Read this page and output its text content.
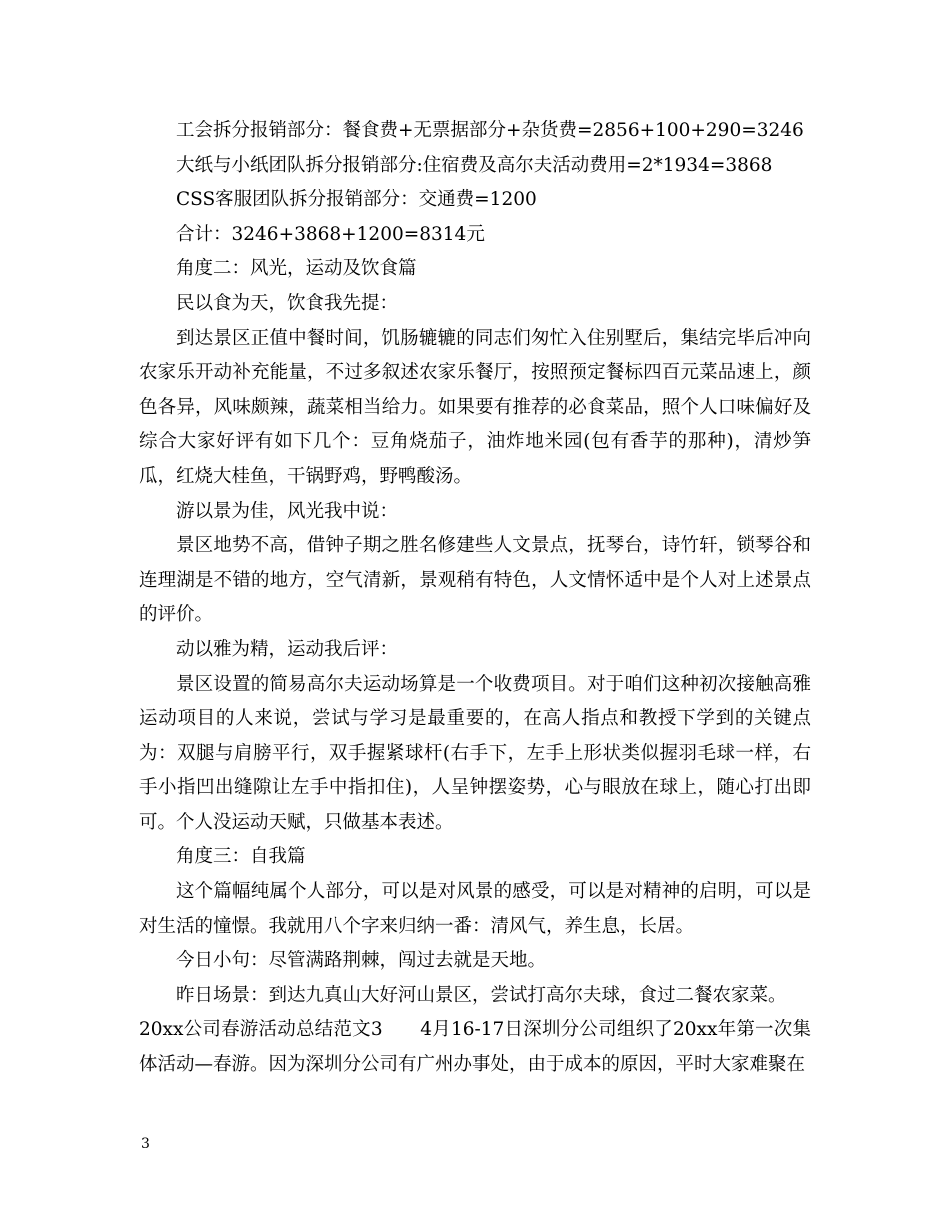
工会拆分报销部分：餐食费+无票据部分+杂货费=2856+100+290=3246

大纸与小纸团队拆分报销部分:住宿费及高尔夫活动费用=2*1934=3868

CSS客服团队拆分报销部分：交通费=1200

合计：3246+3868+1200=8314元

角度二：风光，运动及饮食篇

民以食为天，饮食我先提：

到达景区正值中餐时间，饥肠辘辘的同志们匆忙入住别墅后，集结完毕后冲向农家乐开动补充能量，不过多叙述农家乐餐厅，按照预定餐标四百元菜品速上，颜色各异，风味颇辣，蔬菜相当给力。如果要有推荐的必食菜品，照个人口味偏好及综合大家好评有如下几个：豆角烧茄子，油炸地米园(包有香芋的那种)，清炒笋瓜，红烧大桂鱼，干锅野鸡，野鸭酸汤。

游以景为佳，风光我中说：

景区地势不高，借钟子期之胜名修建些人文景点，抚琴台，诗竹轩，锁琴谷和连理湖是不错的地方，空气清新，景观稍有特色，人文情怀适中是个人对上述景点的评价。

动以雅为精，运动我后评：

景区设置的简易高尔夫运动场算是一个收费项目。对于咱们这种初次接触高雅运动项目的人来说，尝试与学习是最重要的，在高人指点和教授下学到的关键点为：双腿与肩膀平行，双手握紧球杆(右手下，左手上形状类似握羽毛球一样，右手小指凹出缝隙让左手中指扣住)，人呈钟摆姿势，心与眼放在球上，随心打出即可。个人没运动天赋，只做基本表述。

角度三：自我篇

这个篇幅纯属个人部分，可以是对风景的感受，可以是对精神的启明，可以是对生活的憧憬。我就用八个字来归纳一番：清风气，养生息，长居。

今日小句：尽管满路荆棘，闯过去就是天地。

昨日场景：到达九真山大好河山景区，尝试打高尔夫球，食过二餐农家菜。

20xx公司春游活动总结范文3　　4月16-17日深圳分公司组织了20xx年第一次集体活动—春游。因为深圳分公司有广州办事处，由于成本的原因，平时大家难聚在

3
